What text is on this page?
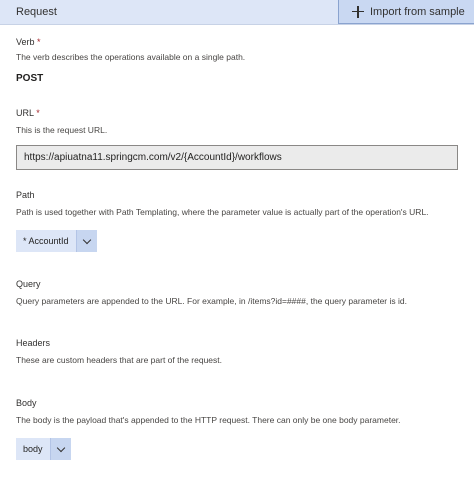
Request	Import from sample
Verb *
The verb describes the operations available on a single path.
POST
URL *
This is the request URL.
https://apiuatna11.springcm.com/v2/{AccountId}/workflows
Path
Path is used together with Path Templating, where the parameter value is actually part of the operation's URL.
* AccountId
Query
Query parameters are appended to the URL. For example, in /items?id=####, the query parameter is id.
Headers
These are custom headers that are part of the request.
Body
The body is the payload that's appended to the HTTP request. There can only be one body parameter.
body
